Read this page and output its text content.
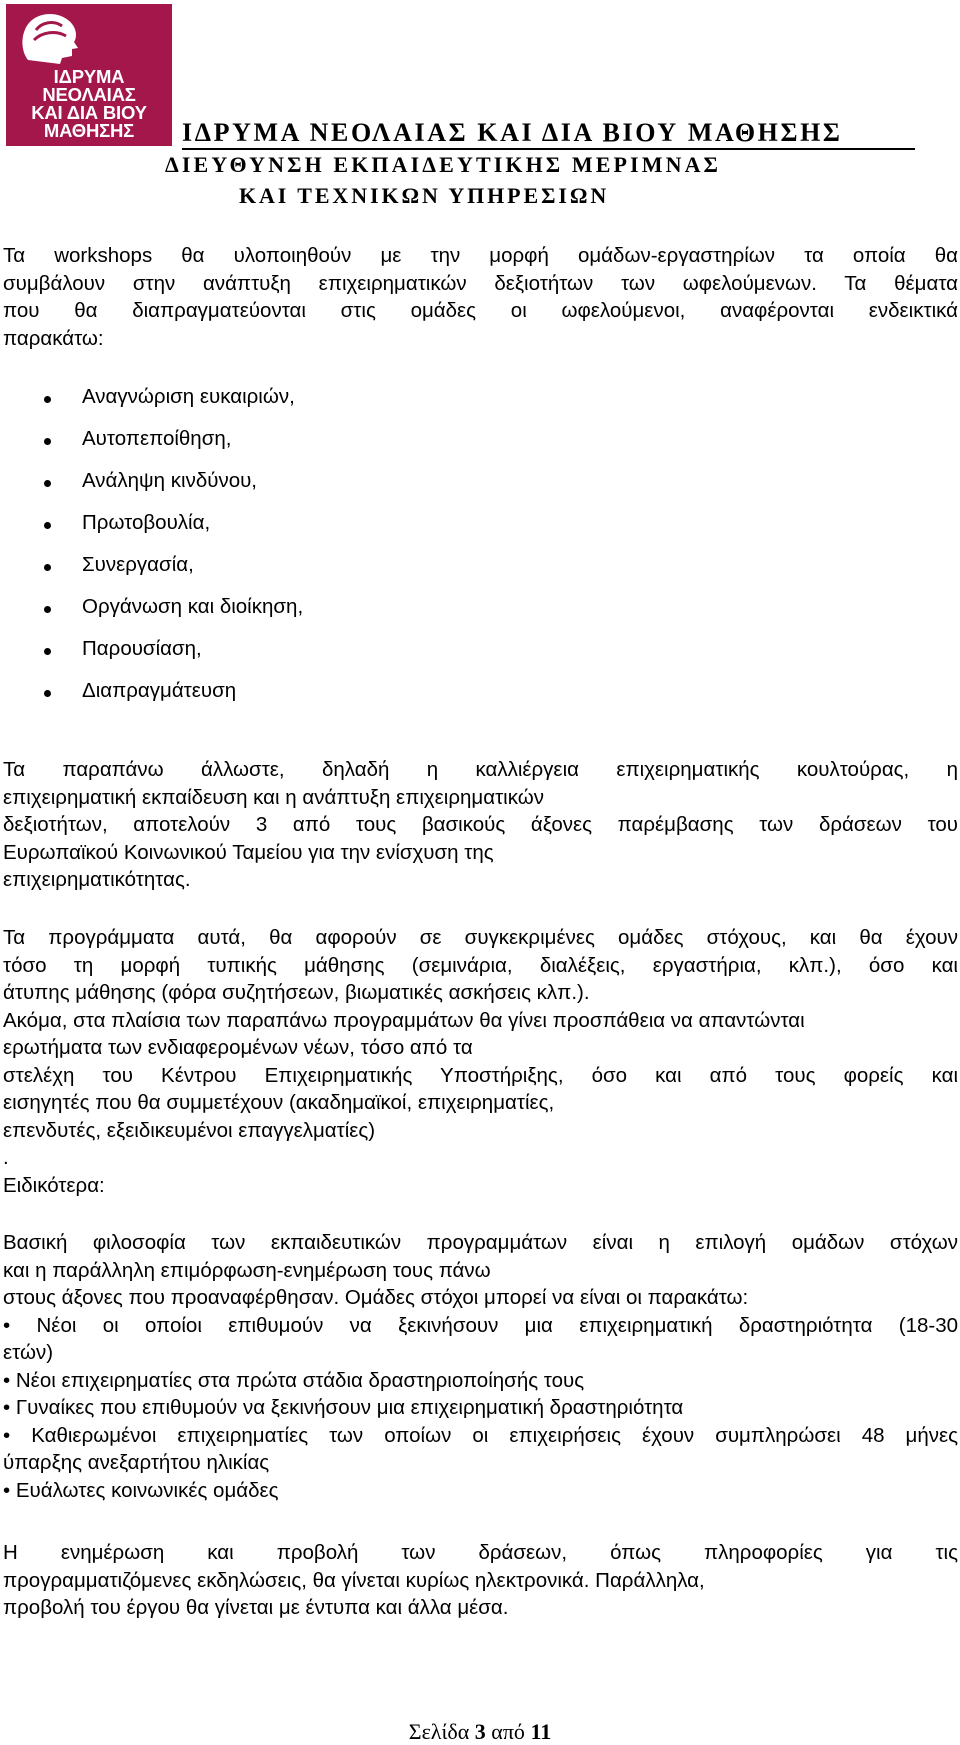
ΙΔΡΥΜΑ
ΝΕΟΛΑΙΑΣ
ΚΑΙ ΔΙΑ ΒΙΟΥ
ΜΑΘΗΣΗΣ	ΙΔΡΥΜΑ ΝΕΟΛΑΙΑΣ ΚΑΙ ΔΙΑ ΒΙΟΥ ΜΑΘΗΣΗΣ
ΔΙΕΥΘΥΝΣΗ ΕΚΠΑΙΔΕΥΤΙΚΗΣ ΜΕΡΙΜΝΑΣ
ΚΑΙ ΤΕΧΝΙΚΩΝ ΥΠΗΡΕΣΙΩΝ
Τα workshops θα υλοποιηθούν με την μορφή ομάδων-εργαστηρίων τα οποία θα
συμβάλουν στην ανάπτυξη επιχειρηματικών δεξιοτήτων των ωφελούμενων. Τα θέματα
που θα διαπραγματεύονται στις ομάδες οι ωφελούμενοι, αναφέρονται ενδεικτικά
παρακάτω:
Αναγνώριση ευκαιριών,
Αυτοπεποίθηση,
Ανάληψη κινδύνου,
Πρωτοβουλία,
Συνεργασία,
Οργάνωση και διοίκηση,
Παρουσίαση,
Διαπραγμάτευση
Τα παραπάνω άλλωστε, δηλαδή η καλλιέργεια επιχειρηματικής κουλτούρας, η
επιχειρηματική εκπαίδευση και η ανάπτυξη επιχειρηματικών
δεξιοτήτων, αποτελούν 3 από τους βασικούς άξονες παρέμβασης των δράσεων του
Ευρωπαϊκού Κοινωνικού Ταμείου για την ενίσχυση της
επιχειρηματικότητας.
Τα προγράμματα αυτά, θα αφορούν σε συγκεκριμένες ομάδες στόχους, και θα έχουν
τόσο τη μορφή τυπικής μάθησης (σεμινάρια, διαλέξεις, εργαστήρια, κλπ.), όσο και
άτυπης μάθησης (φόρα συζητήσεων, βιωματικές ασκήσεις κλπ.).
Ακόμα, στα πλαίσια των παραπάνω προγραμμάτων θα γίνει προσπάθεια να απαντώνται
ερωτήματα των ενδιαφερομένων νέων, τόσο από τα
στελέχη του Κέντρου Επιχειρηματικής Υποστήριξης, όσο και από τους φορείς και
εισηγητές που θα συμμετέχουν (ακαδημαϊκοί, επιχειρηματίες,
επενδυτές, εξειδικευμένοι επαγγελματίες)
.
Ειδικότερα:
Βασική φιλοσοφία των εκπαιδευτικών προγραμμάτων είναι η επιλογή ομάδων στόχων
και η παράλληλη επιμόρφωση-ενημέρωση τους πάνω
στους άξονες που προαναφέρθησαν. Ομάδες στόχοι μπορεί να είναι οι παρακάτω:
• Νέοι οι οποίοι επιθυμούν να ξεκινήσουν μια επιχειρηματική δραστηριότητα (18-30
ετών)
• Νέοι επιχειρηματίες στα πρώτα στάδια δραστηριοποίησής τους
• Γυναίκες που επιθυμούν να ξεκινήσουν μια επιχειρηματική δραστηριότητα
• Καθιερωμένοι επιχειρηματίες των οποίων οι επιχειρήσεις έχουν συμπληρώσει 48 μήνες
ύπαρξης ανεξαρτήτου ηλικίας
• Ευάλωτες κοινωνικές ομάδες
Η ενημέρωση και προβολή των δράσεων, όπως πληροφορίες για τις
προγραμματιζόμενες εκδηλώσεις, θα γίνεται κυρίως ηλεκτρονικά. Παράλληλα,
προβολή του έργου θα γίνεται με έντυπα και άλλα μέσα.
Σελίδα 3 από 11
